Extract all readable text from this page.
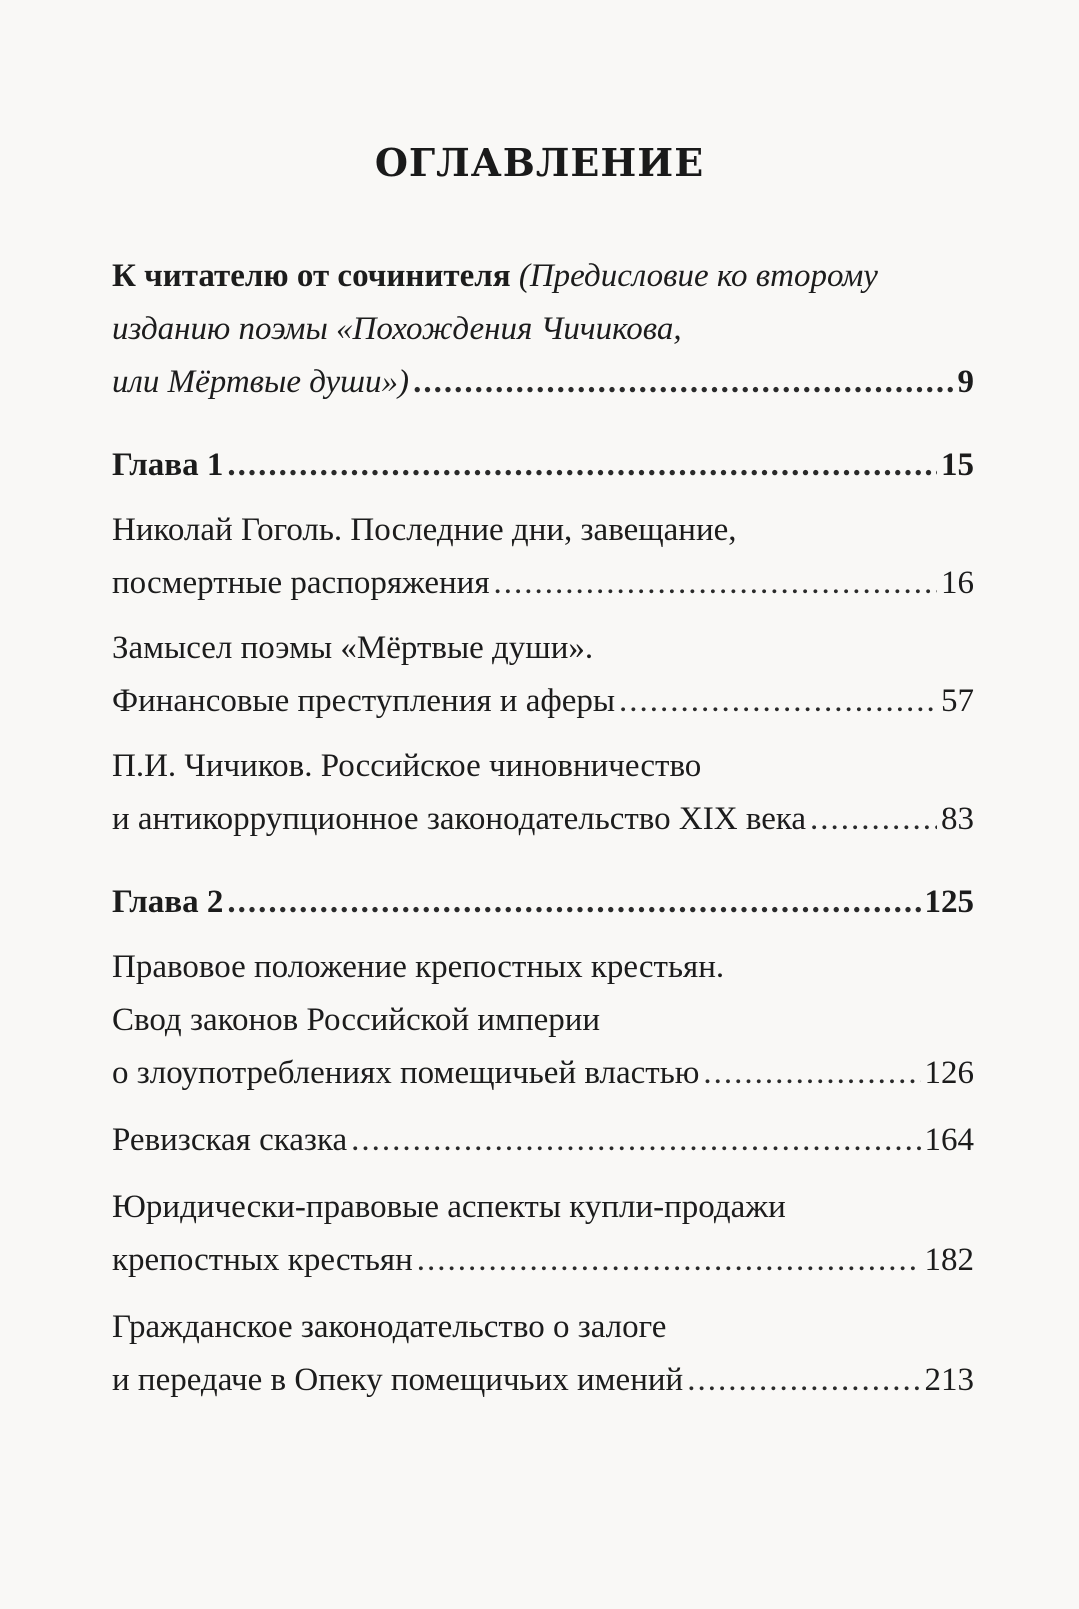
ОГЛАВЛЕНИЕ
К читателю от сочинителя (Предисловие ко второму
изданию поэмы «Похождения Чичикова,
или Мёртвые души») .....	9
Глава 1 .....	15
Николай Гоголь. Последние дни, завещание,
посмертные распоряжения .....	16
Замысел поэмы «Мёртвые души».
Финансовые преступления и аферы .....	57
П.И. Чичиков. Российское чиновничество
и антикоррупционное законодательство XIX века .....	83
Глава 2 .....	125
Правовое положение крепостных крестьян.
Свод законов Российской империи
о злоупотреблениях помещичьей властью .....	126
Ревизская сказка .....	164
Юридически-правовые аспекты купли-продажи
крепостных крестьян .....	182
Гражданское законодательство о залоге
и передаче в Опеку помещичьих имений .....	213
